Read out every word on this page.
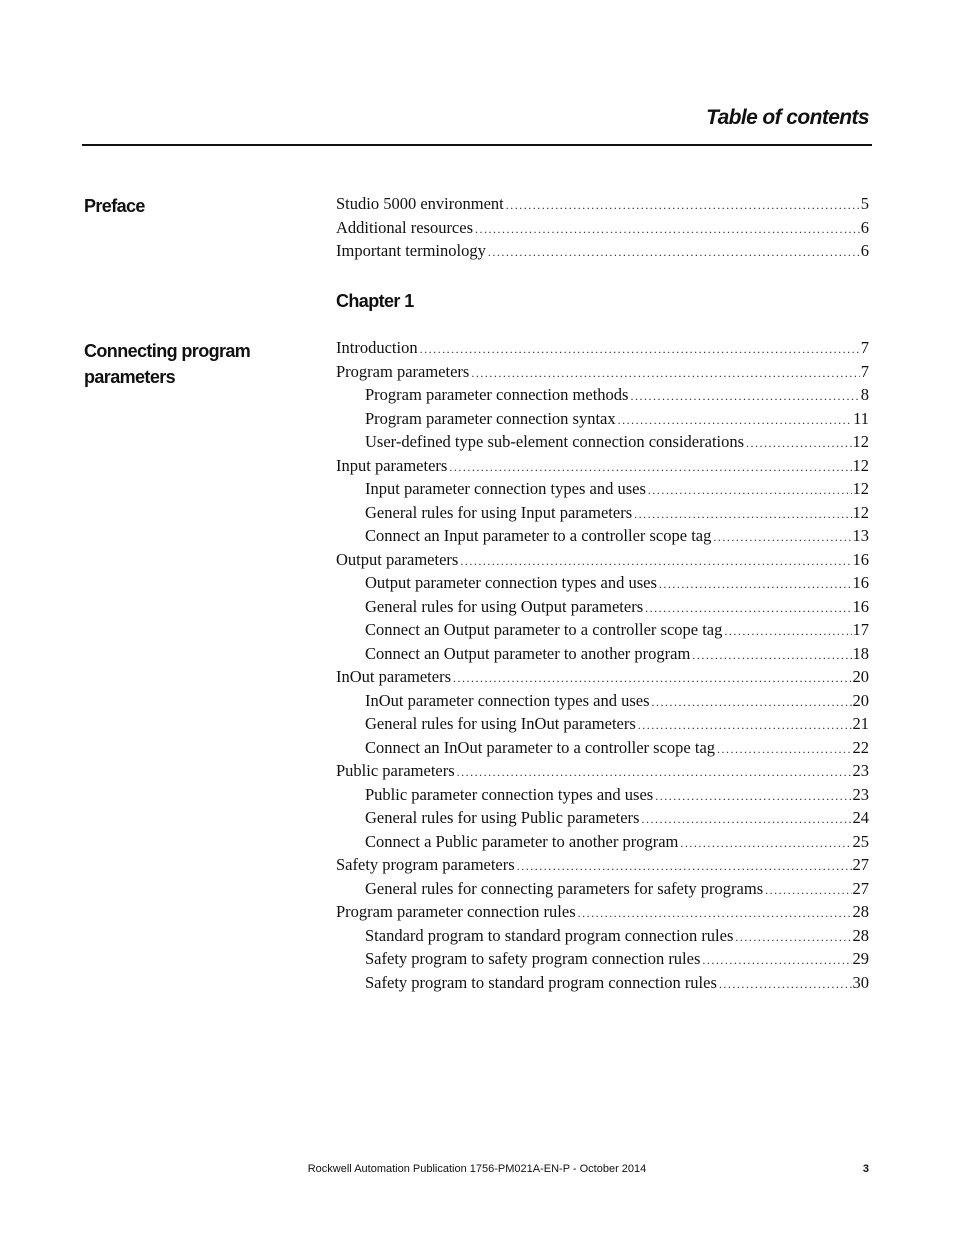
Table of contents
Preface	Studio 5000 environment .....	5
Additional resources .....	6
Important terminology .....	6
Chapter 1
Connecting program
parameters
Introduction .....	7
Program parameters .....	7
Program parameter connection methods .....	8
Program parameter connection syntax .....	11
User-defined type sub-element connection considerations .....	12
Input parameters .....	12
Input parameter connection types and uses .....	12
General rules for using Input parameters .....	12
Connect an Input parameter to a controller scope tag .....	13
Output parameters .....	16
Output parameter connection types and uses .....	16
General rules for using Output parameters .....	16
Connect an Output parameter to a controller scope tag .....	17
Connect an Output parameter to another program .....	18
InOut parameters .....	20
InOut parameter connection types and uses .....	20
General rules for using InOut parameters .....	21
Connect an InOut parameter to a controller scope tag .....	22
Public parameters .....	23
Public parameter connection types and uses .....	23
General rules for using Public parameters .....	24
Connect a Public parameter to another program .....	25
Safety program parameters .....	27
General rules for connecting parameters for safety programs .....	27
Program parameter connection rules .....	28
Standard program to standard program connection rules .....	28
Safety program to safety program connection rules .....	29
Safety program to standard program connection rules .....	30
Rockwell Automation Publication 1756-PM021A-EN-P - October 2014	3
